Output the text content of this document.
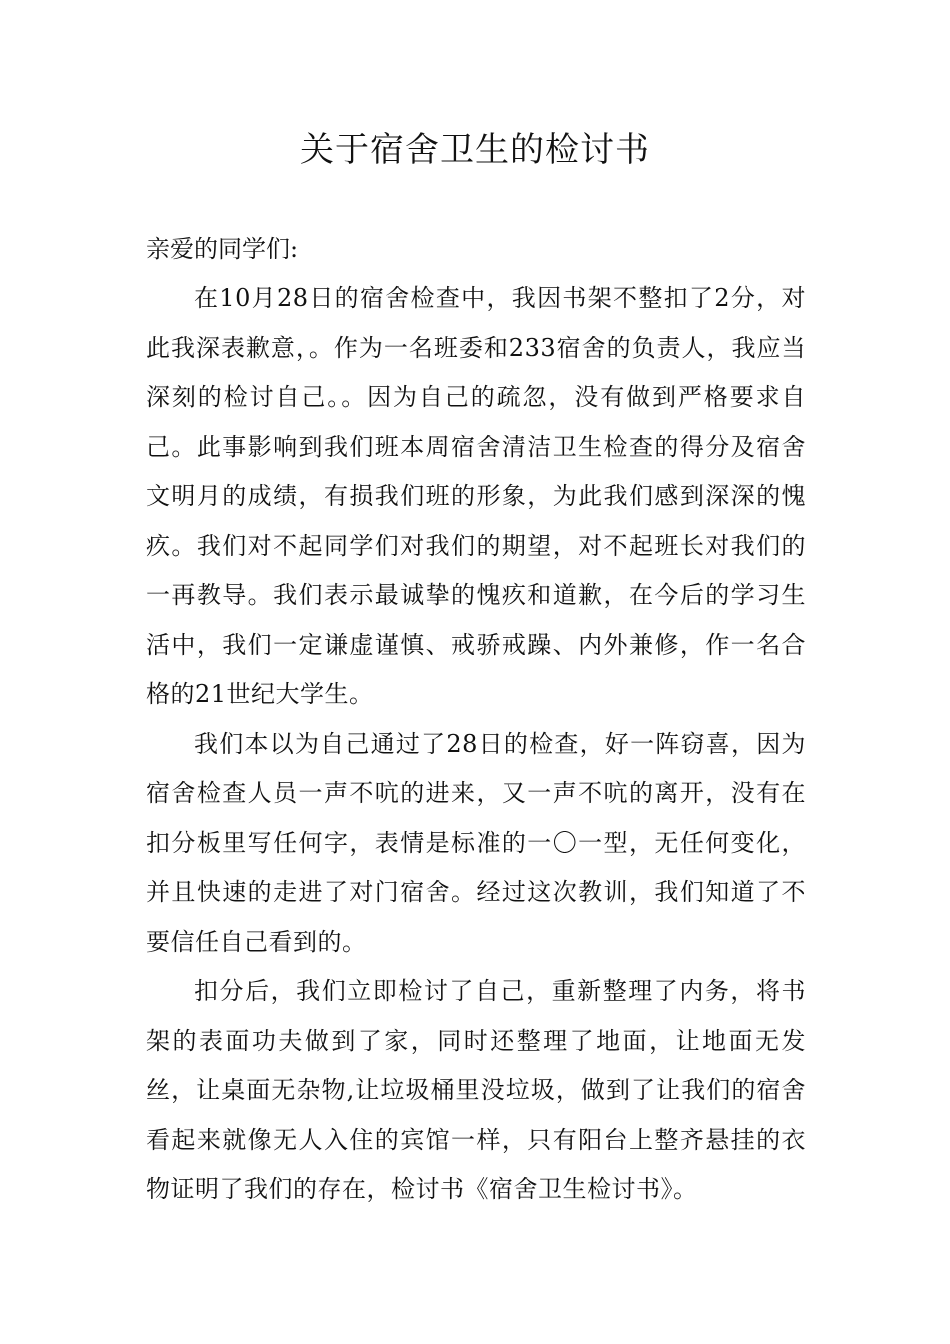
关于宿舍卫生的检讨书

亲爱的同学们:

在10月28日的宿舍检查中，我因书架不整扣了2分，对此我深表歉意，。作为一名班委和233宿舍的负责人，我应当深刻的检讨自己。。因为自己的疏忽，没有做到严格要求自己。此事影响到我们班本周宿舍清洁卫生检查的得分及宿舍文明月的成绩，有损我们班的形象，为此我们感到深深的愧疚。我们对不起同学们对我们的期望，对不起班长对我们的一再教导。我们表示最诚挚的愧疚和道歉，在今后的学习生活中，我们一定谦虚谨慎、戒骄戒躁、内外兼修，作一名合格的21世纪大学生。

我们本以为自己通过了28日的检查，好一阵窃喜，因为宿舍检查人员一声不吭的进来，又一声不吭的离开，没有在扣分板里写任何字，表情是标准的一〇一型，无任何变化，并且快速的走进了对门宿舍。经过这次教训，我们知道了不要信任自己看到的。

扣分后，我们立即检讨了自己，重新整理了内务，将书架的表面功夫做到了家，同时还整理了地面，让地面无发丝，让桌面无杂物,让垃圾桶里没垃圾，做到了让我们的宿舍看起来就像无人入住的宾馆一样，只有阳台上整齐悬挂的衣物证明了我们的存在，检讨书《宿舍卫生检讨书》。
